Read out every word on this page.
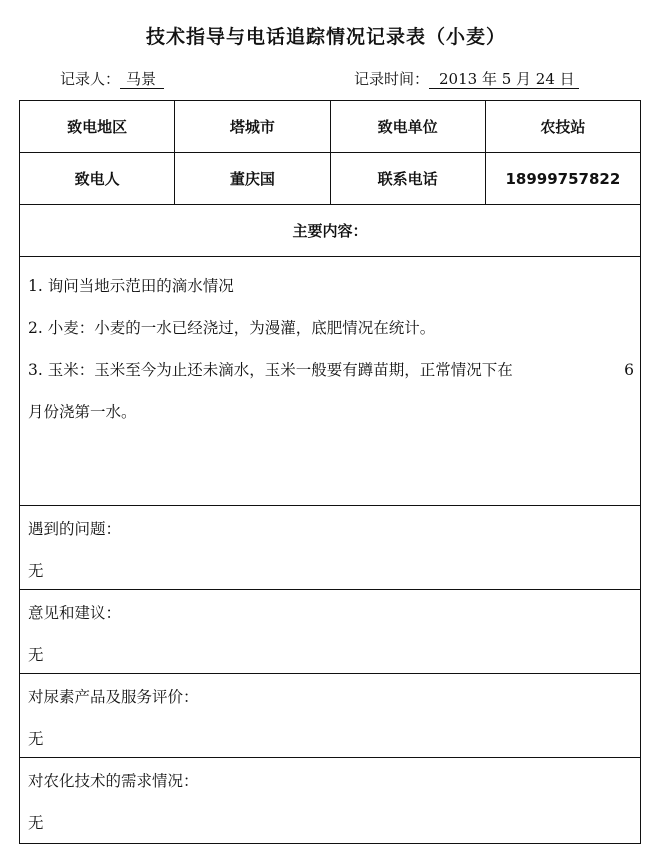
技术指导与电话追踪情况记录表（小麦）
记录人： 马景	记录时间： 2013 年 5 月 24 日
致电地区	塔城市	致电单位	农技站
致电人	董庆国	联系电话	18999757822
主要内容：
1. 询问当地示范田的滴水情况
2. 小麦：小麦的一水已经浇过，为漫灌，底肥情况在统计。
3. 玉米：玉米至今为止还未滴水，玉米一般要有蹲苗期，正常情况下在	6
月份浇第一水。
遇到的问题：
无
意见和建议：
无
对尿素产品及服务评价：
无
对农化技术的需求情况：
无
